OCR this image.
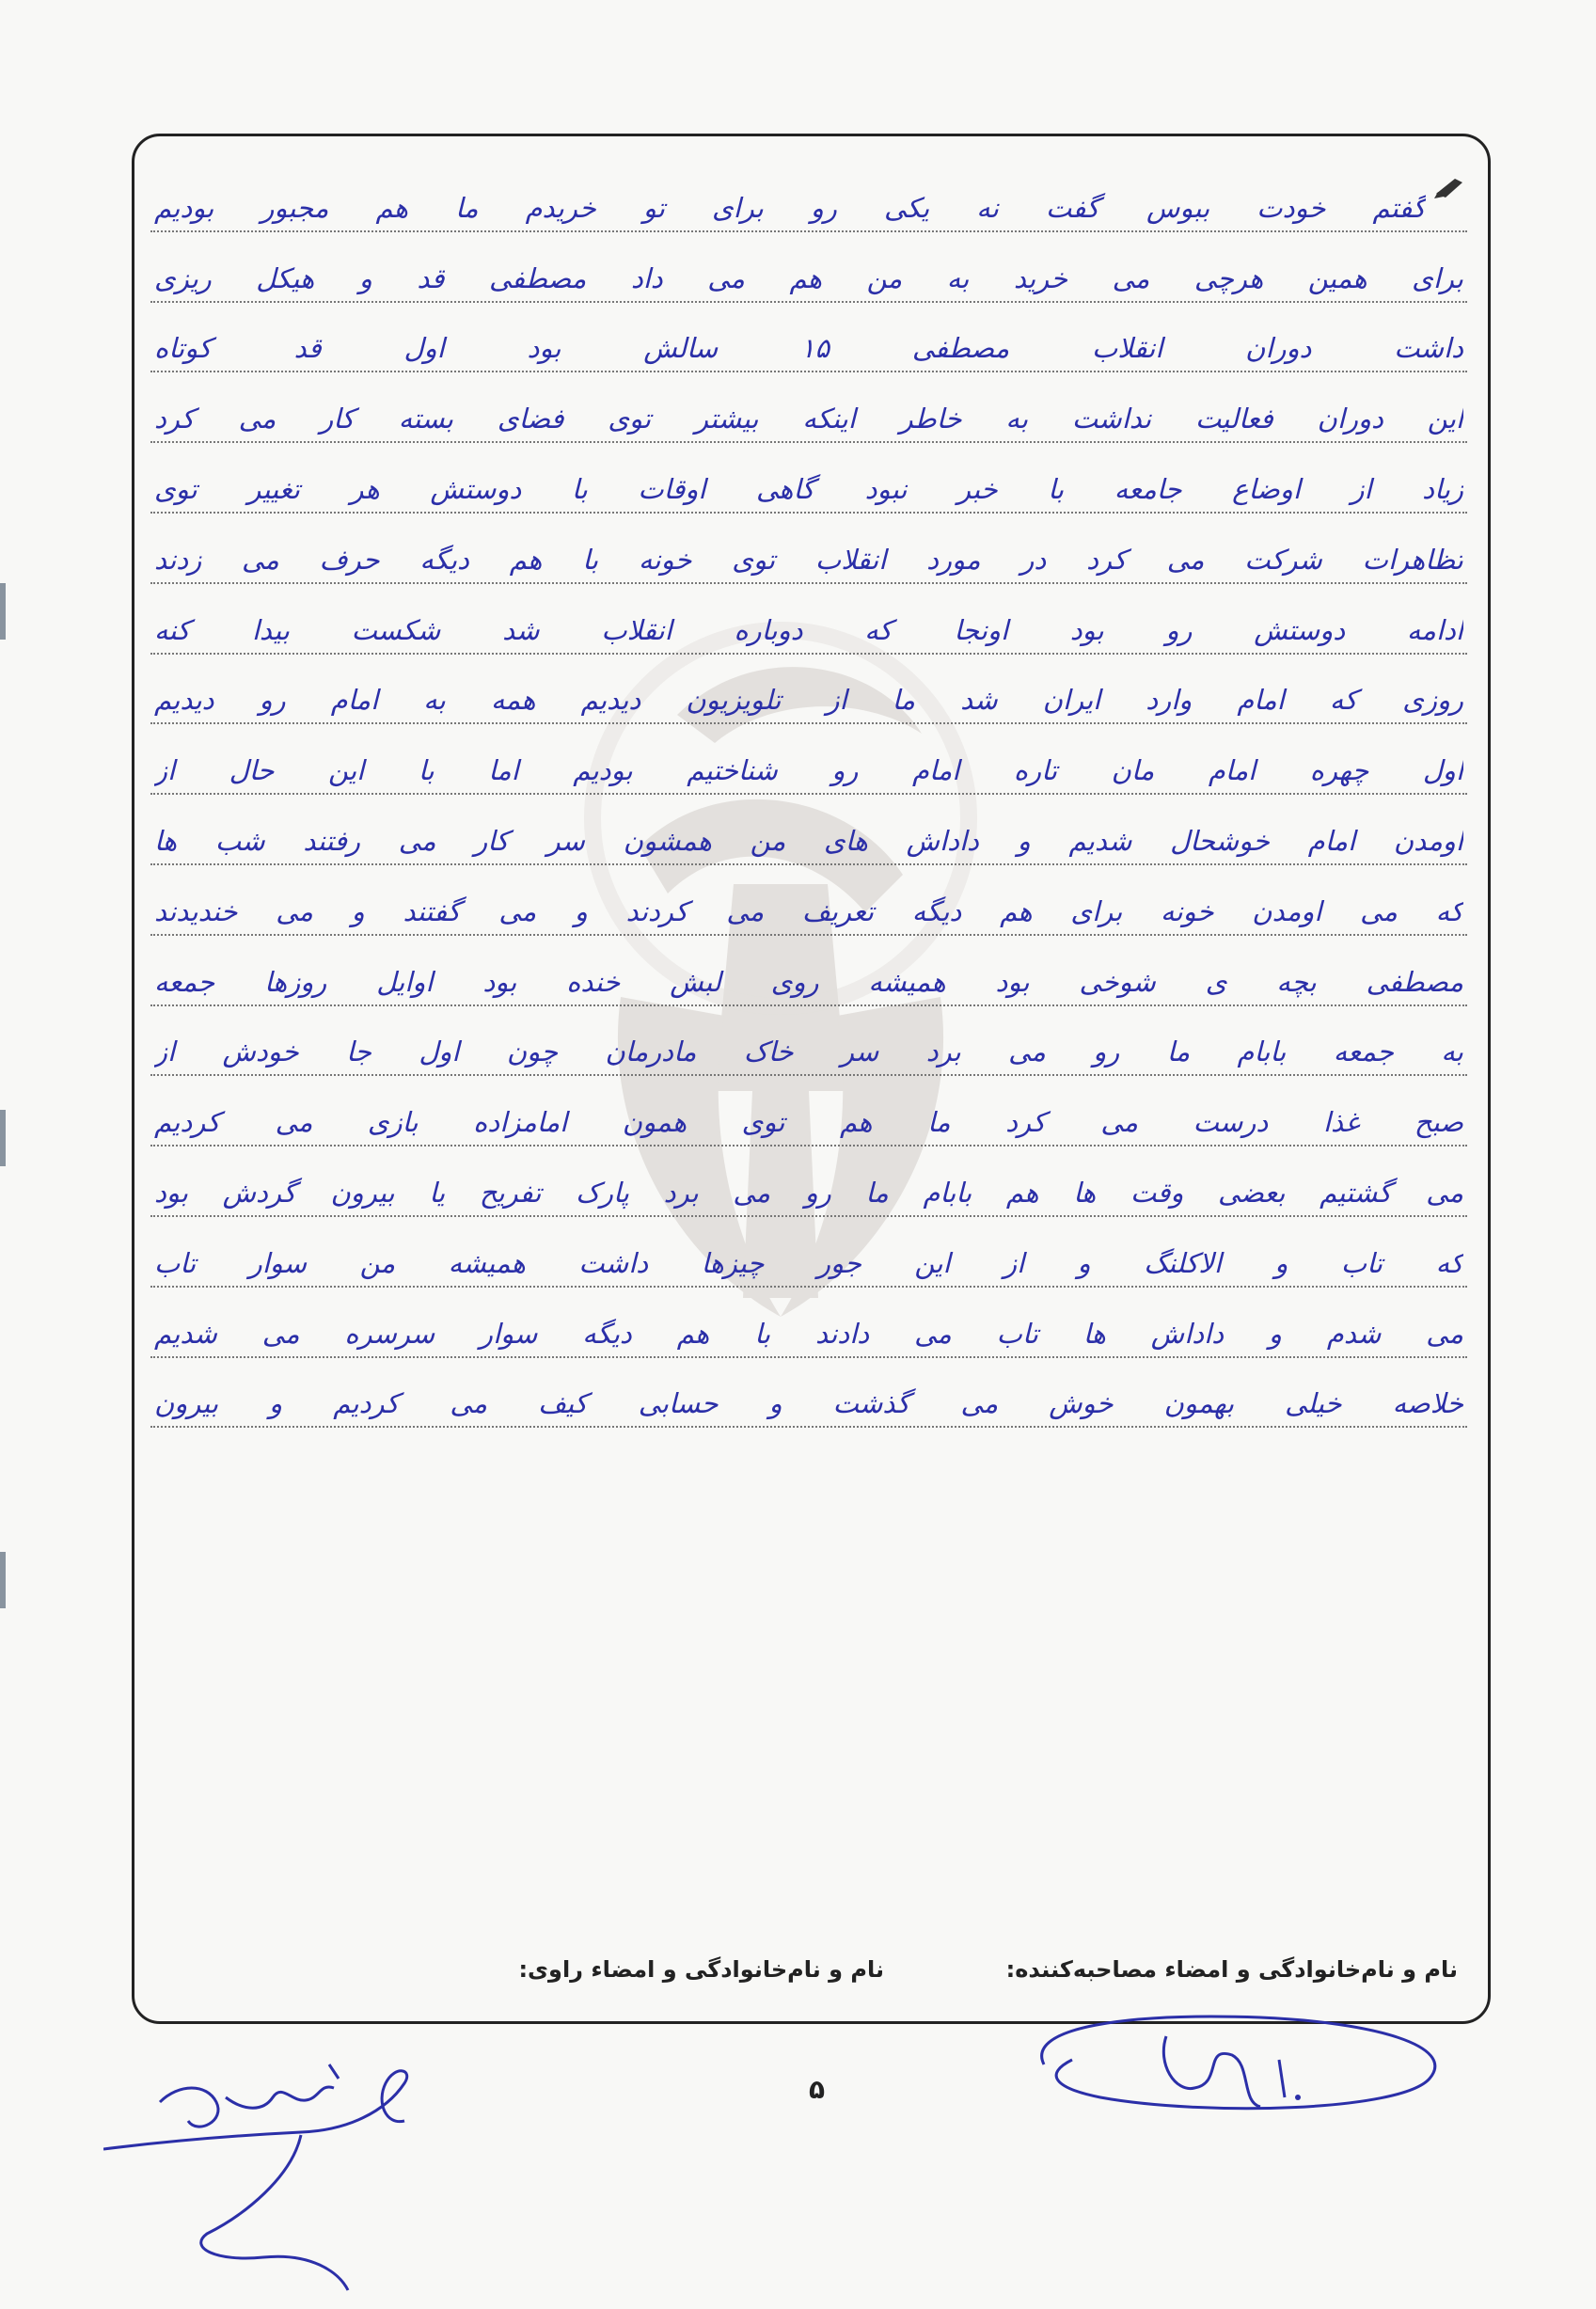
گفتم خودت ببوس گفت نه یکی رو برای تو خریدم ما هم مجبور بودیم
برای همین هرچی می خرید به من هم می داد مصطفی قد و هیکل ریزی
داشت دوران انقلاب مصطفی ۱۵ سالش بود اول قد کوتاه
این دوران فعالیت نداشت به خاطر اینکه بیشتر توی فضای بسته کار می کرد
زیاد از اوضاع جامعه با خبر نبود گاهی اوقات با دوستش هر تغییر توی
تظاهرات شرکت می کرد در مورد انقلاب توی خونه با هم دیگه حرف می زدند
ادامه دوستش رو بود اونجا که دوباره انقلاب شد شکست بیدا کنه
روزی که امام وارد ایران شد ما از تلویزیون دیدیم همه به امام رو دیدیم
اول چهره امام مان تاره امام رو شناختیم بودیم اما با این حال از
اومدن امام خوشحال شدیم و داداش های من همشون سر کار می رفتند شب ها
که می اومدن خونه برای هم دیگه تعریف می کردند و می گفتند و می خندیدند
مصطفی بچه ی شوخی بود همیشه روی لبش خنده بود اوایل روزها جمعه
به جمعه بابام ما رو می برد سر خاک مادرمان چون اول جا خودش از
صبح غذا درست می کرد ما هم توی همون امامزاده بازی می کردیم
می گشتیم بعضی وقت ها هم بابام ما رو می برد پارک تفریح یا بیرون گردش بود
که تاب و الاکلنگ و از این جور چیزها داشت همیشه من سوار تاب
می شدم و داداش ها تاب می دادند با هم دیگه سوار سرسره می شدیم
خلاصه خیلی بهمون خوش می گذشت و حسابی کیف می کردیم و بیرون
نام و نام‌خانوادگی و امضاء مصاحبه‌کننده:
نام و نام‌خانوادگی و امضاء راوی:
۵
